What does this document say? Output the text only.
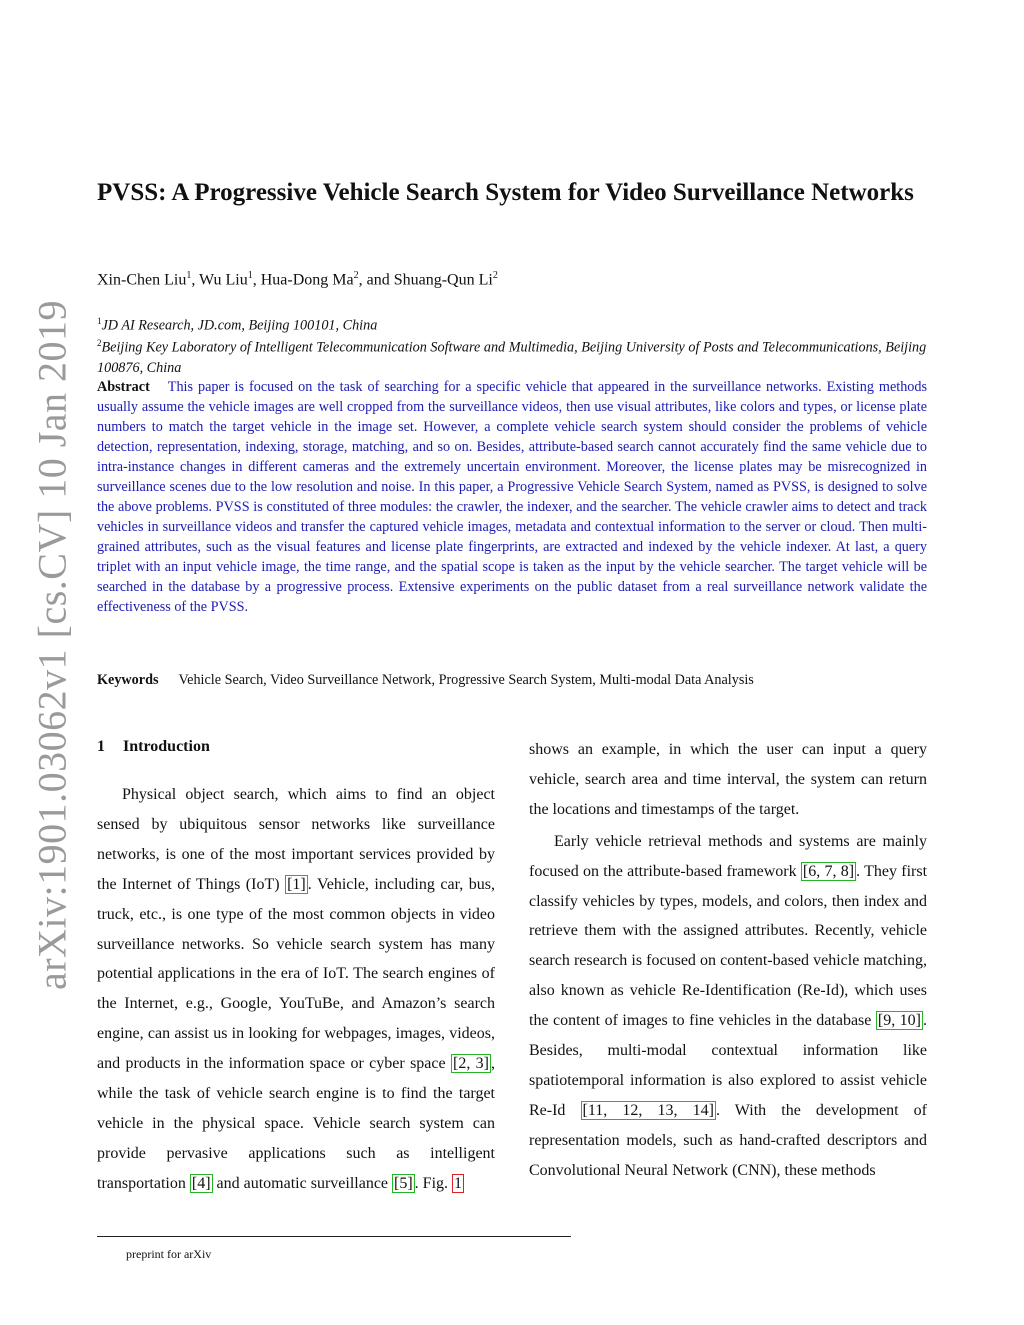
arXiv:1901.03062v1 [cs.CV] 10 Jan 2019
PVSS: A Progressive Vehicle Search System for Video Surveillance Networks
Xin-Chen Liu$^1$, Wu Liu$^1$, Hua-Dong Ma$^2$, and Shuang-Qun Li$^2$
$^1$JD AI Research, JD.com, Beijing 100101, China
$^2$Beijing Key Laboratory of Intelligent Telecommunication Software and Multimedia, Beijing University of Posts and Telecommunications, Beijing 100876, China
Abstract This paper is focused on the task of searching for a specific vehicle that appeared in the surveillance networks. Existing methods usually assume the vehicle images are well cropped from the surveillance videos, then use visual attributes, like colors and types, or license plate numbers to match the target vehicle in the image set. However, a complete vehicle search system should consider the problems of vehicle detection, representation, indexing, storage, matching, and so on. Besides, attribute-based search cannot accurately find the same vehicle due to intra-instance changes in different cameras and the extremely uncertain environment. Moreover, the license plates may be misrecognized in surveillance scenes due to the low resolution and noise. In this paper, a Progressive Vehicle Search System, named as PVSS, is designed to solve the above problems. PVSS is constituted of three modules: the crawler, the indexer, and the searcher. The vehicle crawler aims to detect and track vehicles in surveillance videos and transfer the captured vehicle images, metadata and contextual information to the server or cloud. Then multi-grained attributes, such as the visual features and license plate fingerprints, are extracted and indexed by the vehicle indexer. At last, a query triplet with an input vehicle image, the time range, and the spatial scope is taken as the input by the vehicle searcher. The target vehicle will be searched in the database by a progressive process. Extensive experiments on the public dataset from a real surveillance network validate the effectiveness of the PVSS.
Keywords Vehicle Search, Video Surveillance Network, Progressive Search System, Multi-modal Data Analysis
1 Introduction

Physical object search, which aims to find an object sensed by ubiquitous sensor networks like surveillance networks, is one of the most important services provided by the Internet of Things (IoT) [1] . Vehicle, including car, bus, truck, etc., is one type of the most common objects in video surveillance networks. So vehicle search system has many potential applications in the era of IoT. The search engines of the Internet, e.g., Google, YouTuBe, and Amazon’s search engine, can assist us in looking for webpages, images, videos, and products in the information space or cyber space [2, 3] , while the task of vehicle search engine is to find the target vehicle in the physical space. Vehicle search system can provide pervasive applications such as intelligent transportation [4] and automatic surveillance [5] . Fig. 1

shows an example, in which the user can input a query vehicle, search area and time interval, the system can return the locations and timestamps of the target.

Early vehicle retrieval methods and systems are mainly focused on the attribute-based framework [6, 7, 8] . They first classify vehicles by types, models, and colors, then index and retrieve them with the assigned attributes. Recently, vehicle search research is focused on content-based vehicle matching, also known as vehicle Re-Identification (Re-Id), which uses the content of images to fine vehicles in the database [9, 10] . Besides, multi-modal contextual information like spatiotemporal information is also explored to assist vehicle Re-Id [11, 12, 13, 14] . With the development of representation models, such as hand-crafted descriptors and Convolutional Neural Network (CNN), these methods

preprint for arXiv
